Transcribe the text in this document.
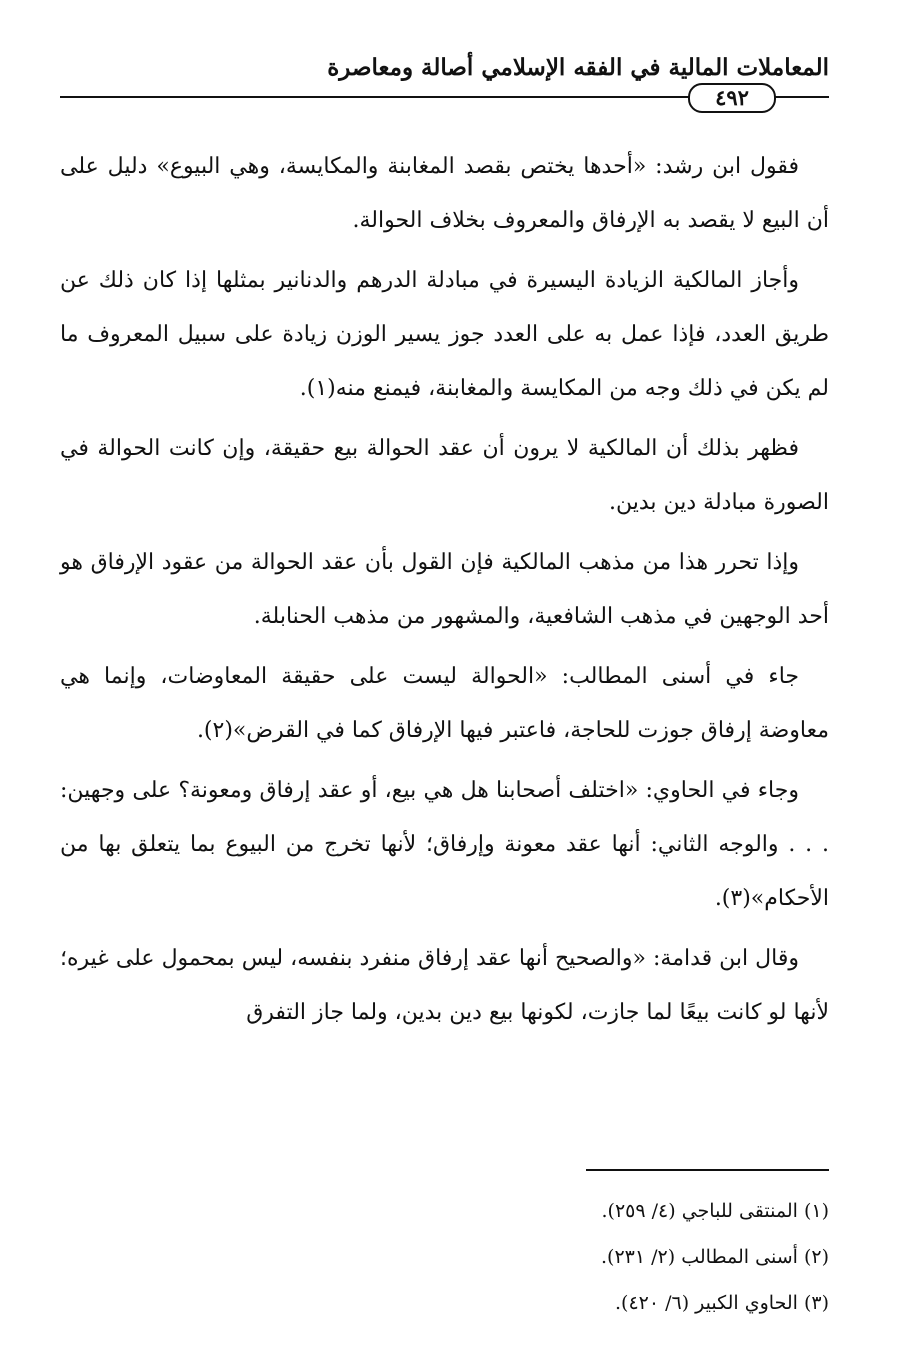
المعاملات المالية في الفقه الإسلامي أصالة ومعاصرة
٤٩٢

فقول ابن رشد: «أحدها يختص بقصد المغابنة والمكايسة، وهي البيوع» دليل على أن البيع لا يقصد به الإرفاق والمعروف بخلاف الحوالة.

وأجاز المالكية الزيادة اليسيرة في مبادلة الدرهم والدنانير بمثلها إذا كان ذلك عن طريق العدد، فإذا عمل به على العدد جوز يسير الوزن زيادة على سبيل المعروف ما لم يكن في ذلك وجه من المكايسة والمغابنة، فيمنع منه(١).

فظهر بذلك أن المالكية لا يرون أن عقد الحوالة بيع حقيقة، وإن كانت الحوالة في الصورة مبادلة دين بدين.

وإذا تحرر هذا من مذهب المالكية فإن القول بأن عقد الحوالة من عقود الإرفاق هو أحد الوجهين في مذهب الشافعية، والمشهور من مذهب الحنابلة.

جاء في أسنى المطالب: «الحوالة ليست على حقيقة المعاوضات، وإنما هي معاوضة إرفاق جوزت للحاجة، فاعتبر فيها الإرفاق كما في القرض»(٢).

وجاء في الحاوي: «اختلف أصحابنا هل هي بيع، أو عقد إرفاق ومعونة؟ على وجهين: . . . والوجه الثاني: أنها عقد معونة وإرفاق؛ لأنها تخرج من البيوع بما يتعلق بها من الأحكام»(٣).

وقال ابن قدامة: «والصحيح أنها عقد إرفاق منفرد بنفسه، ليس بمحمول على غيره؛ لأنها لو كانت بيعًا لما جازت، لكونها بيع دين بدين، ولما جاز التفرق

(١) المنتقى للباجي (٤/ ٢٥٩).
(٢) أسنى المطالب (٢/ ٢٣١).
(٣) الحاوي الكبير (٦/ ٤٢٠).
